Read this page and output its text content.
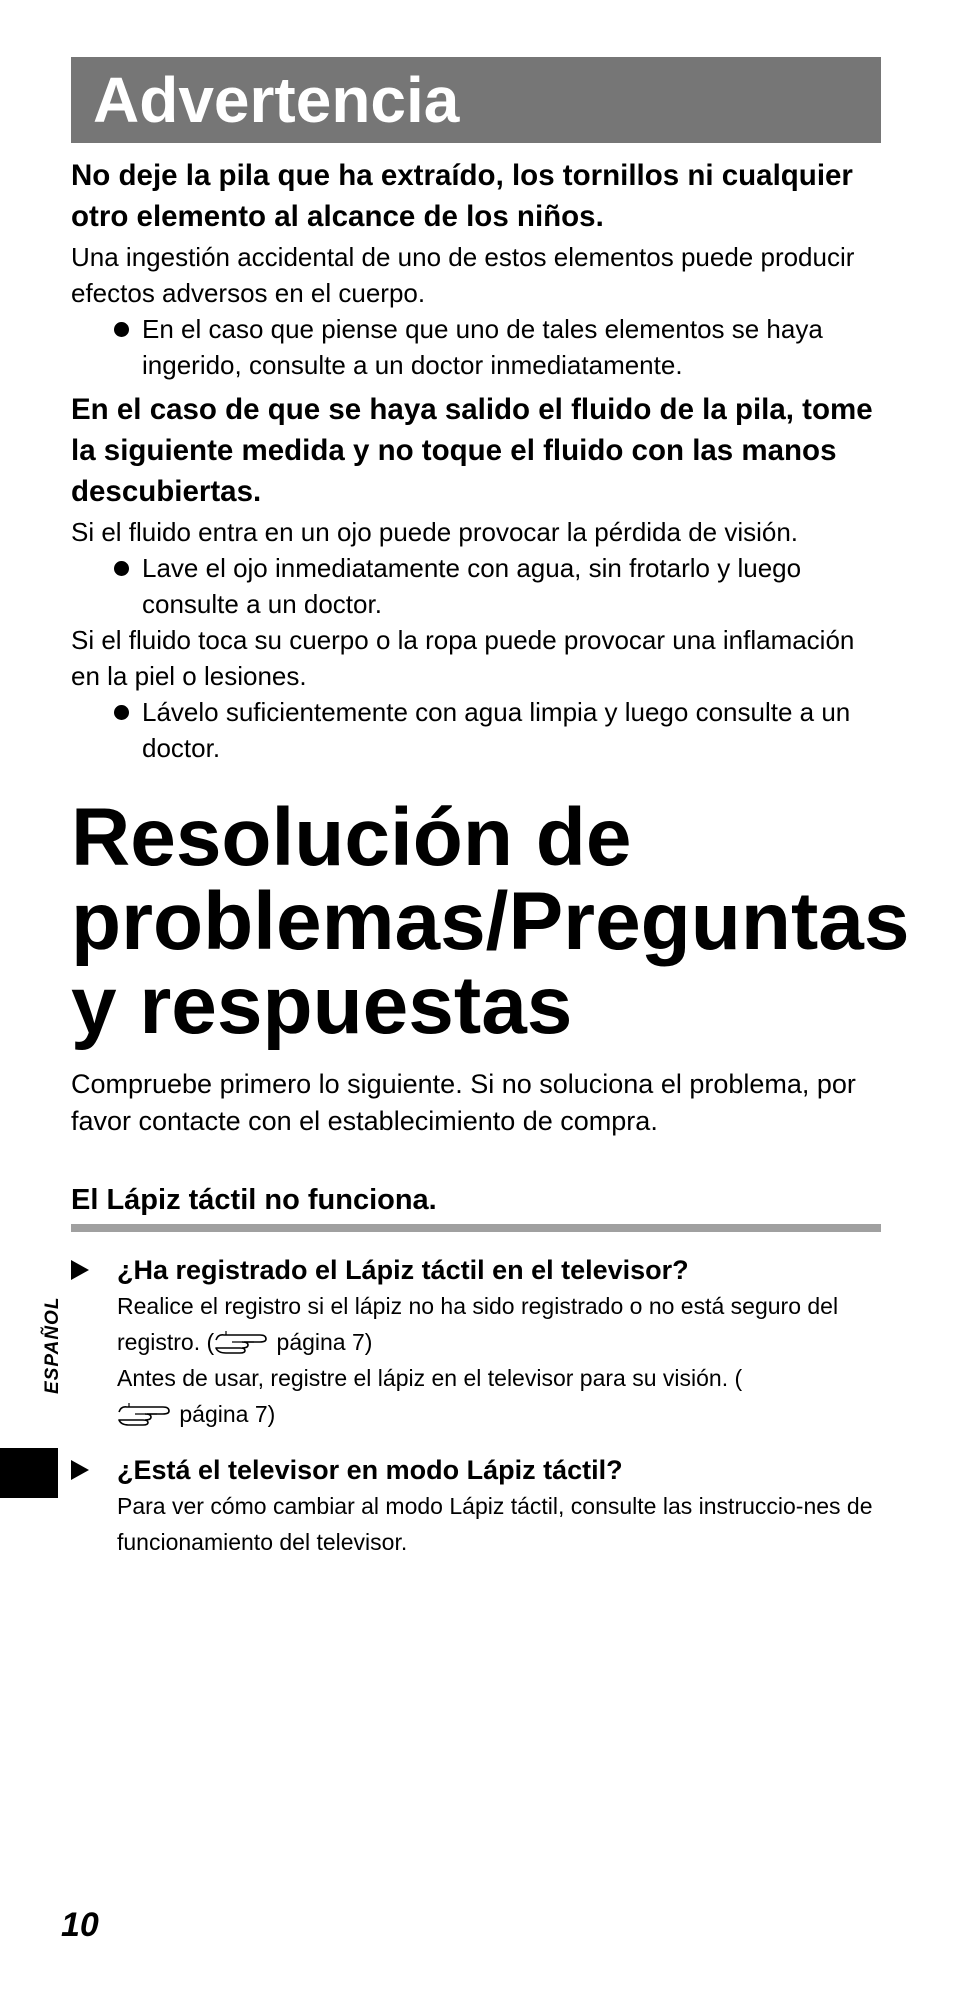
Advertencia

No deje la pila que ha extraído, los tornillos ni cualquier otro elemento al alcance de los niños.

Una ingestión accidental de uno de estos elementos puede producir efectos adversos en el cuerpo.

En el caso que piense que uno de tales elementos se haya ingerido, consulte a un doctor inmediatamente.

En el caso de que se haya salido el fluido de la pila, tome la siguiente medida y no toque el fluido con las manos descubiertas.

Si el fluido entra en un ojo puede provocar la pérdida de visión.

Lave el ojo inmediatamente con agua, sin frotarlo y luego consulte a un doctor.

Si el fluido toca su cuerpo o la ropa puede provocar una inflamación en la piel o lesiones.

Lávelo suficientemente con agua limpia y luego consulte a un doctor.

Resolución de problemas/Preguntas y respuestas

Compruebe primero lo siguiente. Si no soluciona el problema, por favor contacte con el establecimiento de compra.

El Lápiz táctil no funciona.

¿Ha registrado el Lápiz táctil en el televisor?

Realice el registro si el lápiz no ha sido registrado o no está seguro del registro. (	página 7)

Antes de usar, registre el lápiz en el televisor para su visión. ( página 7)

¿Está el televisor en modo Lápiz táctil?

Para ver cómo cambiar al modo Lápiz táctil, consulte las instruccio-nes de funcionamiento del televisor.

ESPAÑOL
10
